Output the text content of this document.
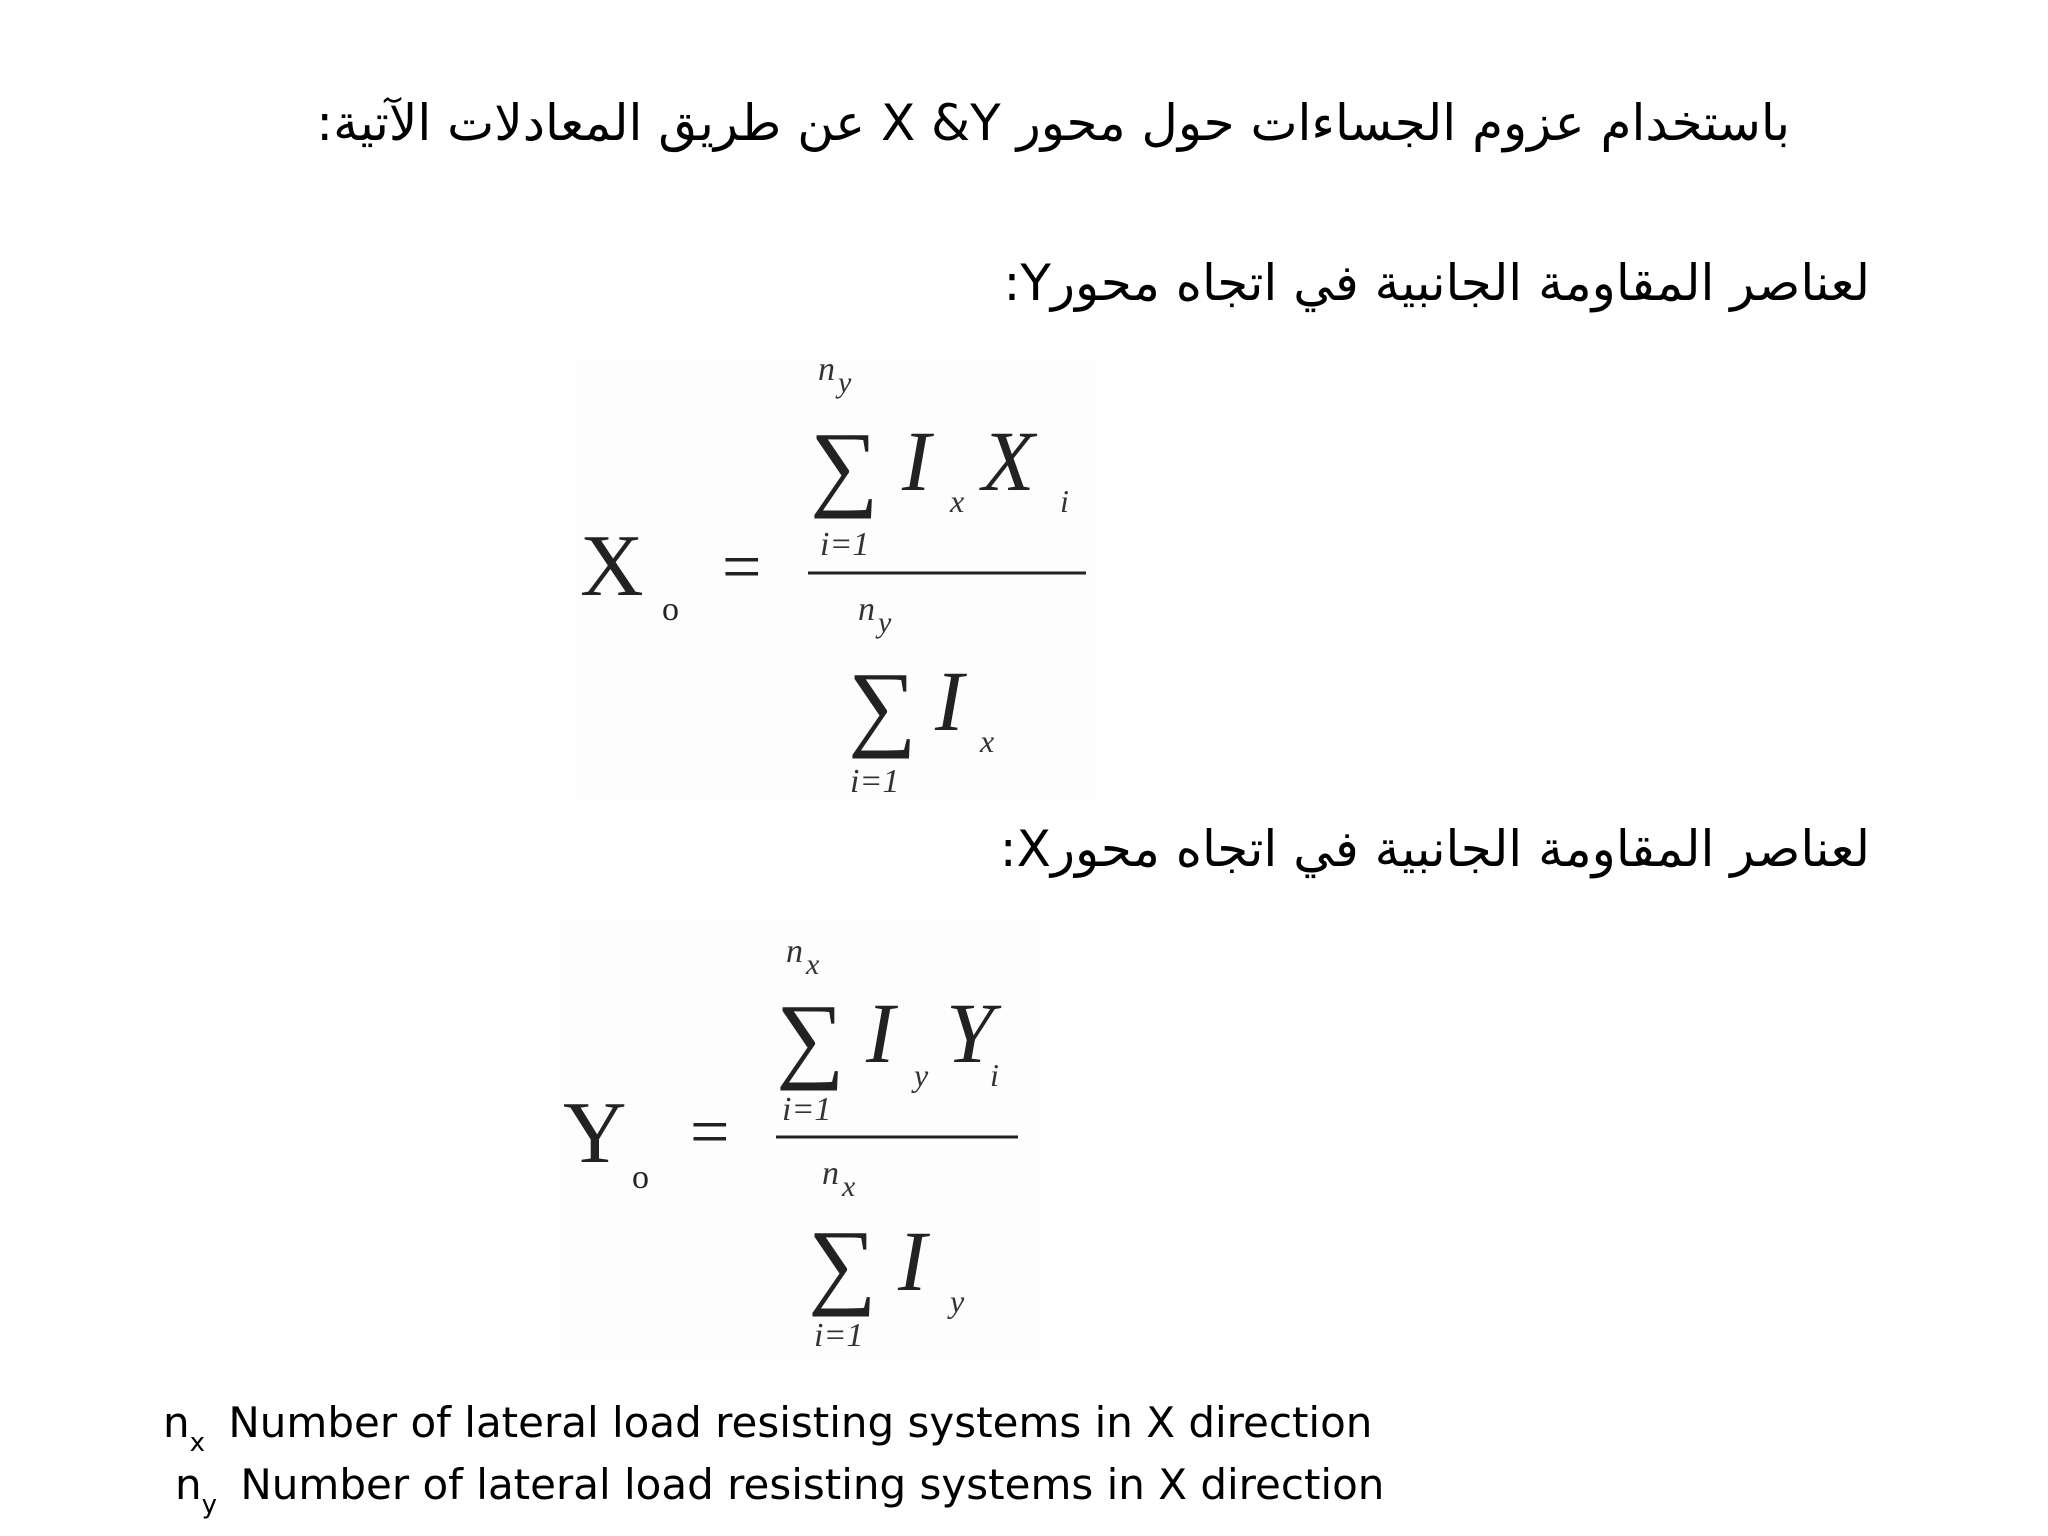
باستخدام عزوم الجساءات حول محور X &Y عن طريق المعادلات الآتية:
لعناصر المقاومة الجانبية في اتجاه محورY:
X o
=
n y
∑
i=1
I x X i
n y
∑
i=1
I x
لعناصر المقاومة الجانبية في اتجاه محورX:
Y o
=
n x
∑
i=1
I y Y
i
n x
∑
i=1
I y
$n_x$ Number of lateral load resisting systems in X direction
$n_y$ Number of lateral load resisting systems in X direction
